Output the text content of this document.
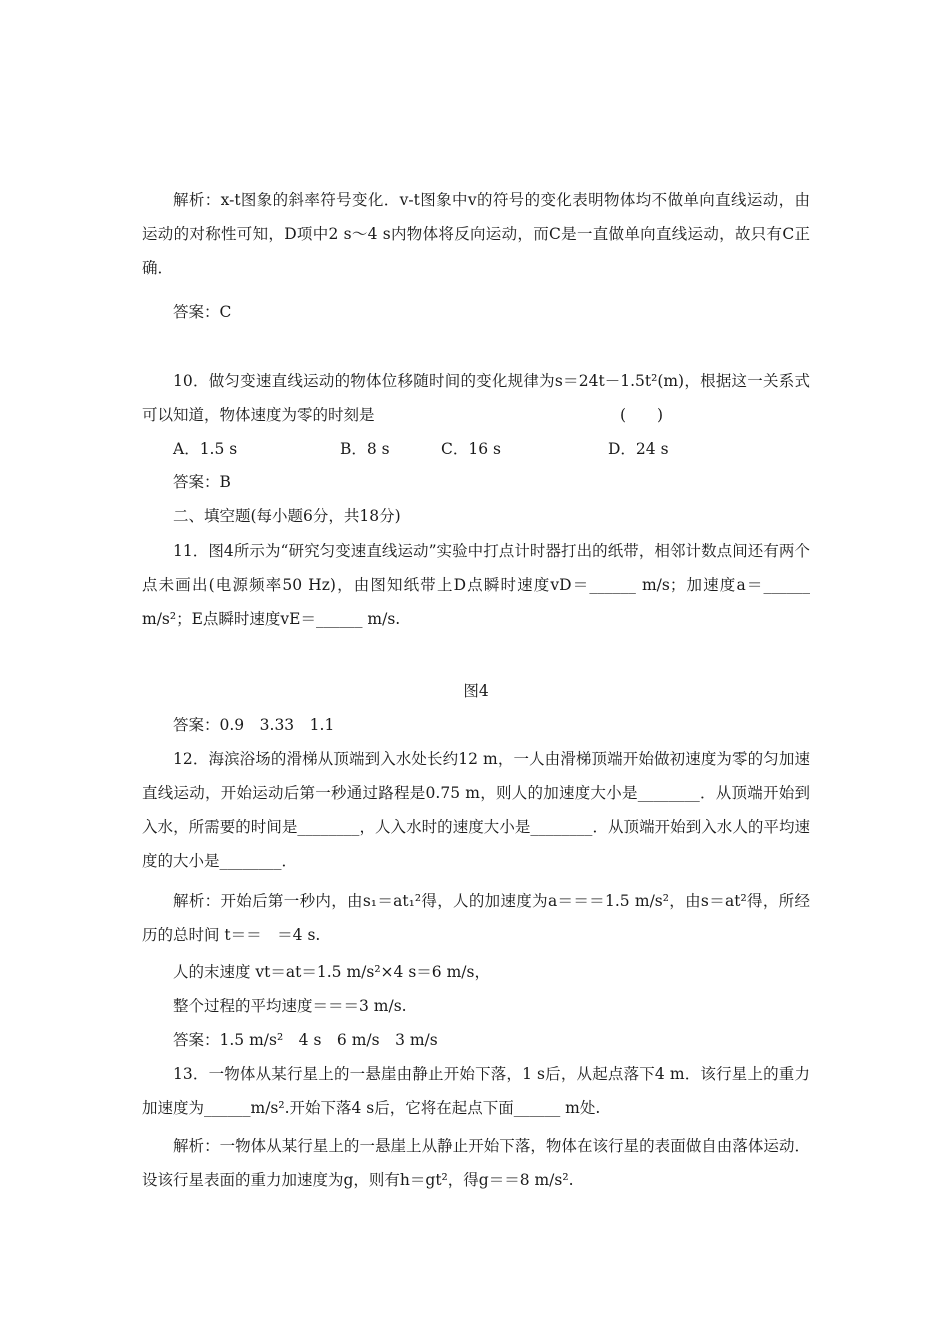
解析：x-t图象的斜率符号变化．v-t图象中v的符号的变化表明物体均不做单向直线运动，由运动的对称性可知，D项中2 s～4 s内物体将反向运动，而C是一直做单向直线运动，故只有C正确．

答案：C

10．做匀变速直线运动的物体位移随时间的变化规律为s＝24t－1.5t²(m)，根据这一关系式可以知道，物体速度为零的时刻是	(　　)
A．1.5 s	B．8 s	C．16 s	D．24 s

答案：B

二、填空题(每小题6分，共18分)

11．图4所示为“研究匀变速直线运动”实验中打点计时器打出的纸带，相邻计数点间还有两个点未画出(电源频率50 Hz)，由图知纸带上D点瞬时速度vD＝______ m/s；加速度a＝______ m/s²；E点瞬时速度vE＝______ m/s.

图4

答案：0.9　3.33　1.1

12．海滨浴场的滑梯从顶端到入水处长约12 m，一人由滑梯顶端开始做初速度为零的匀加速直线运动，开始运动后第一秒通过路程是0.75 m，则人的加速度大小是________．从顶端开始到入水，所需要的时间是________，人入水时的速度大小是________．从顶端开始到入水人的平均速度的大小是________．

解析：开始后第一秒内，由s₁＝at₁²得，人的加速度为a＝＝＝1.5 m/s²，由s＝at²得，所经历的总时间 t＝＝　＝4 s.

人的末速度 vt＝at＝1.5 m/s²×4 s＝6 m/s，

整个过程的平均速度＝＝＝3 m/s.

答案：1.5 m/s²　4 s　6 m/s　3 m/s

13．一物体从某行星上的一悬崖由静止开始下落，1 s后，从起点落下4 m．该行星上的重力加速度为______m/s².开始下落4 s后，它将在起点下面______ m处.

解析：一物体从某行星上的一悬崖上从静止开始下落，物体在该行星的表面做自由落体运动．设该行星表面的重力加速度为g，则有h＝gt²，得g＝＝8 m/s².
